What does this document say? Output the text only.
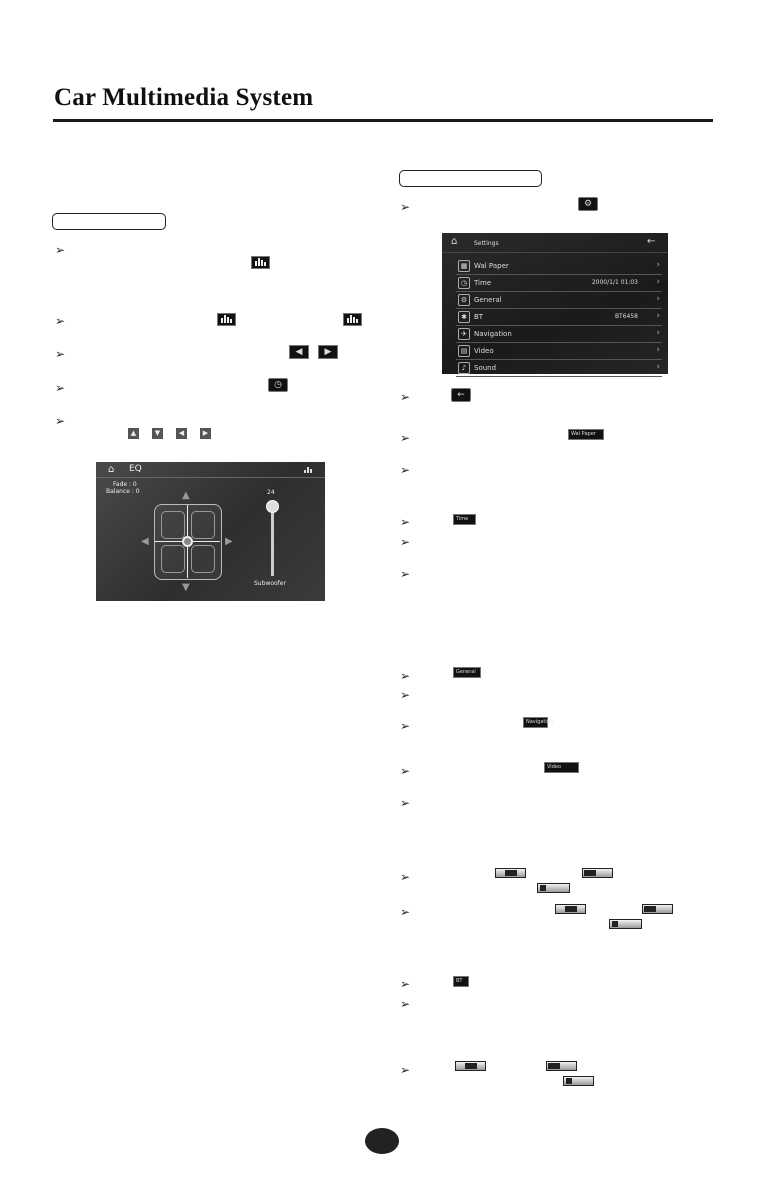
Car Multimedia System
➢
➢
➢
◀	▶
➢
◷
➢
▲	▼	◀	▶
⌂ EQ
Fade : 0
Balance : 0	▲
▼
◀	▶
24
Subwoofer
➢
⚙
⌂	Settings	←
▦ Wal Paper	›
◷ Time	2000/1/1 01:03 ›
⚙ General	›
✱	BT	BT6458 ›
✈	Navigation	›
▤ Video	›
♪	Sound	›
➢
←
➢
Wal Paper
➢
➢
Time
➢
➢
➢
General
➢
➢
Navigation
➢
Video
➢
➢
➢
➢
BT
➢
➢
